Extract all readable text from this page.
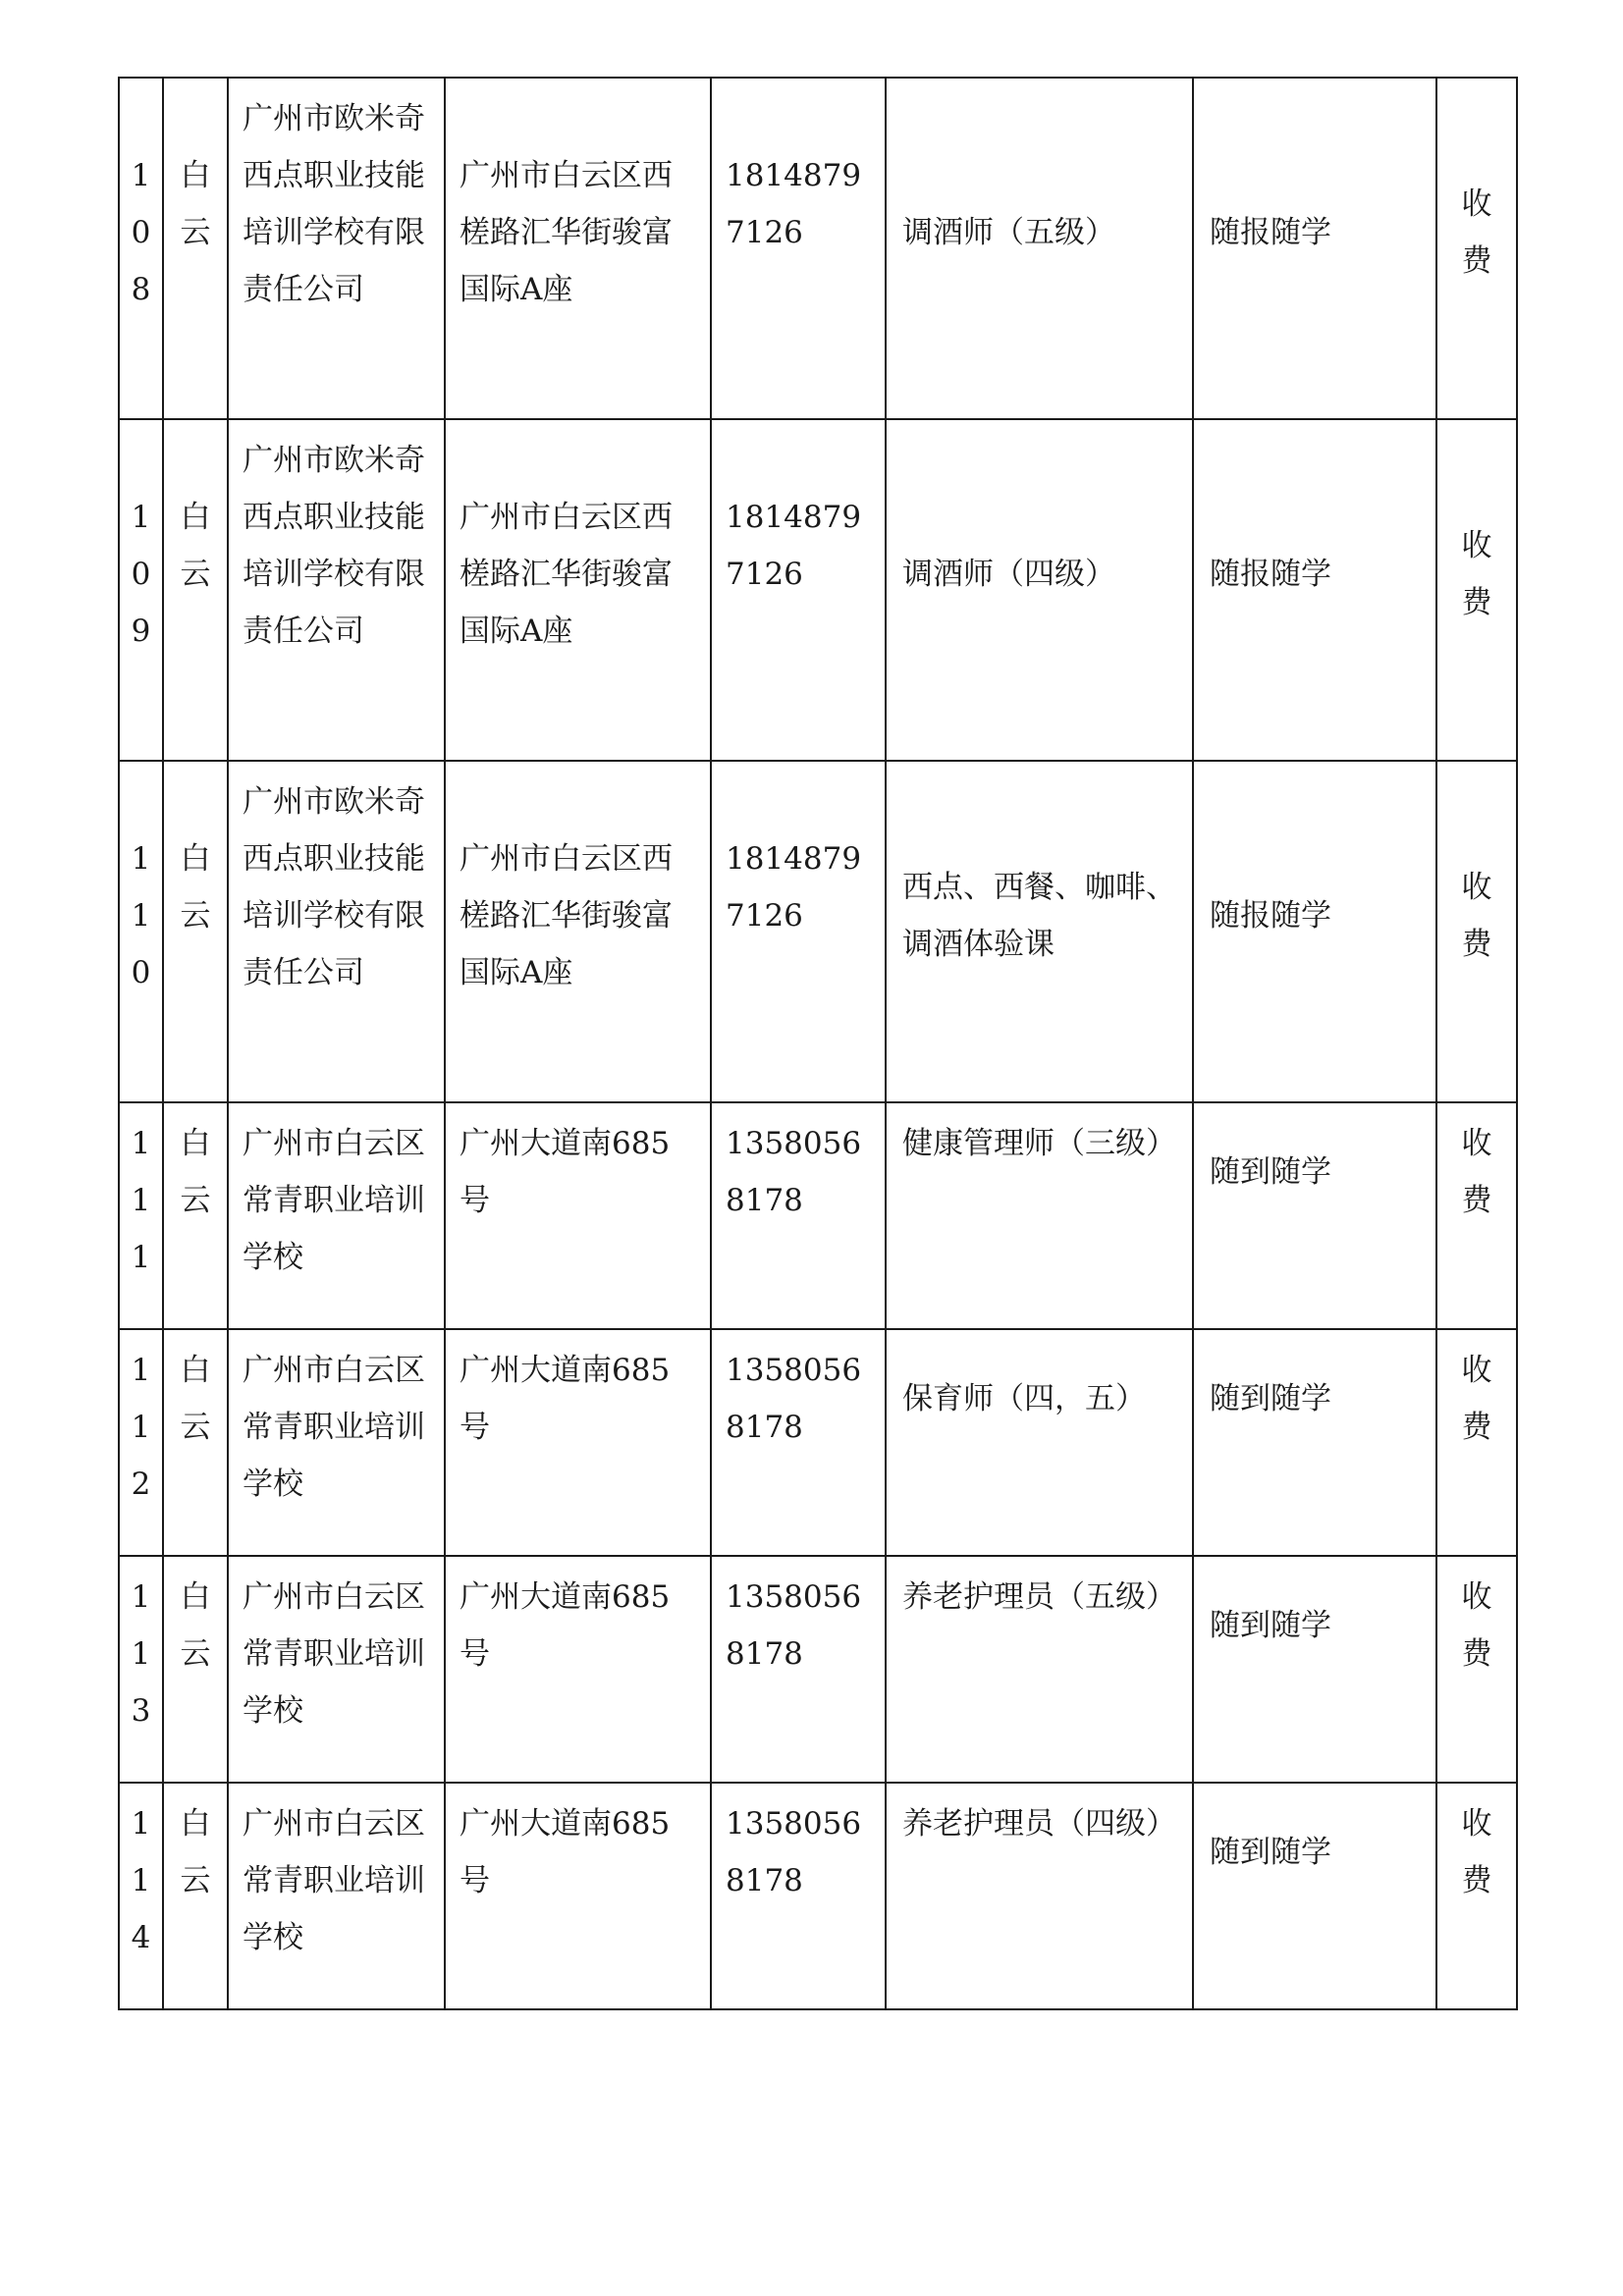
108	白云	广州市欧米奇西点职业技能培训学校有限责任公司	广州市白云区西槎路汇华街骏富国际A座	18148797126	调酒师（五级）	随报随学	收费

109	白云	广州市欧米奇西点职业技能培训学校有限责任公司	广州市白云区西槎路汇华街骏富国际A座	18148797126	调酒师（四级）	随报随学	收费

110	白云	广州市欧米奇西点职业技能培训学校有限责任公司	广州市白云区西槎路汇华街骏富国际A座	18148797126	西点、西餐、咖啡、调酒体验课	随报随学	收费

111	白云	广州市白云区常青职业培训学校	广州大道南685号	13580568178	健康管理师（三级）	随到随学	收费

112	白云	广州市白云区常青职业培训学校	广州大道南685号	13580568178	保育师（四，五）	随到随学	收费

113	白云	广州市白云区常青职业培训学校	广州大道南685号	13580568178	养老护理员（五级）	随到随学	收费

114	白云	广州市白云区常青职业培训学校	广州大道南685号	13580568178	养老护理员（四级）	随到随学	收费
